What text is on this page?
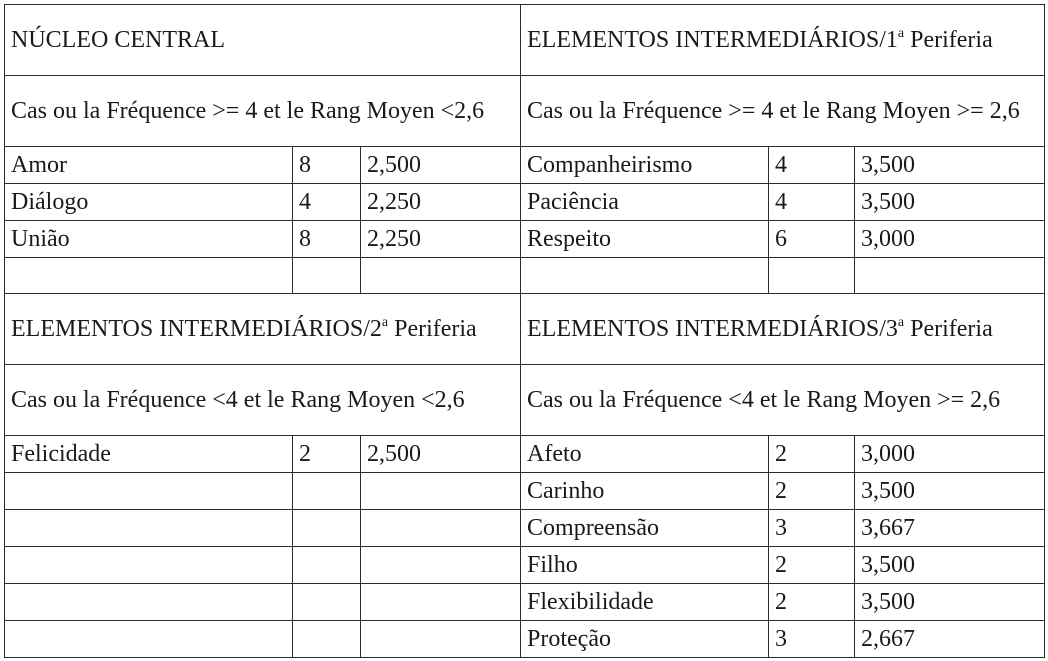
NÚCLEO CENTRAL			ELEMENTOS INTERMEDIÁRIOS/1$^a$ Periferia		
Cas ou la Fréquence >= 4 et le Rang Moyen <2,6			Cas ou la Fréquence >= 4 et le Rang Moyen >= 2,6		
Amor	8	2,500	Companheirismo	4	3,500
Diálogo	4	2,250	Paciência	4	3,500
União	8	2,250	Respeito	6	3,000

ELEMENTOS INTERMEDIÁRIOS/2$^a$ Periferia			ELEMENTOS INTERMEDIÁRIOS/3$^a$ Periferia		
Cas ou la Fréquence <4 et le Rang Moyen <2,6			Cas ou la Fréquence <4 et le Rang Moyen >= 2,6		
Felicidade	2	2,500	Afeto	2	3,000
			Carinho	2	3,500
			Compreensão	3	3,667
			Filho	2	3,500
			Flexibilidade	2	3,500
			Proteção	3	2,667
